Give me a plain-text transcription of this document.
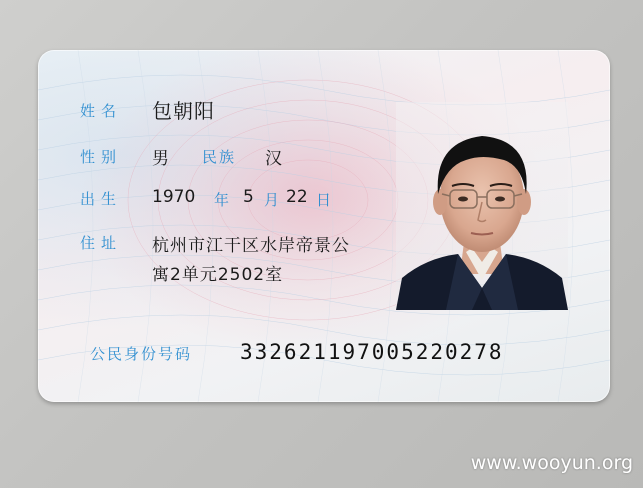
姓名 包朝阳
性别 男 民族 汉
出生 1970 年 5 月 22 日
住址 杭州市江干区水岸帝景公
寓2单元2502室
公民身份号码 332621197005220278
www.wooyun.org
